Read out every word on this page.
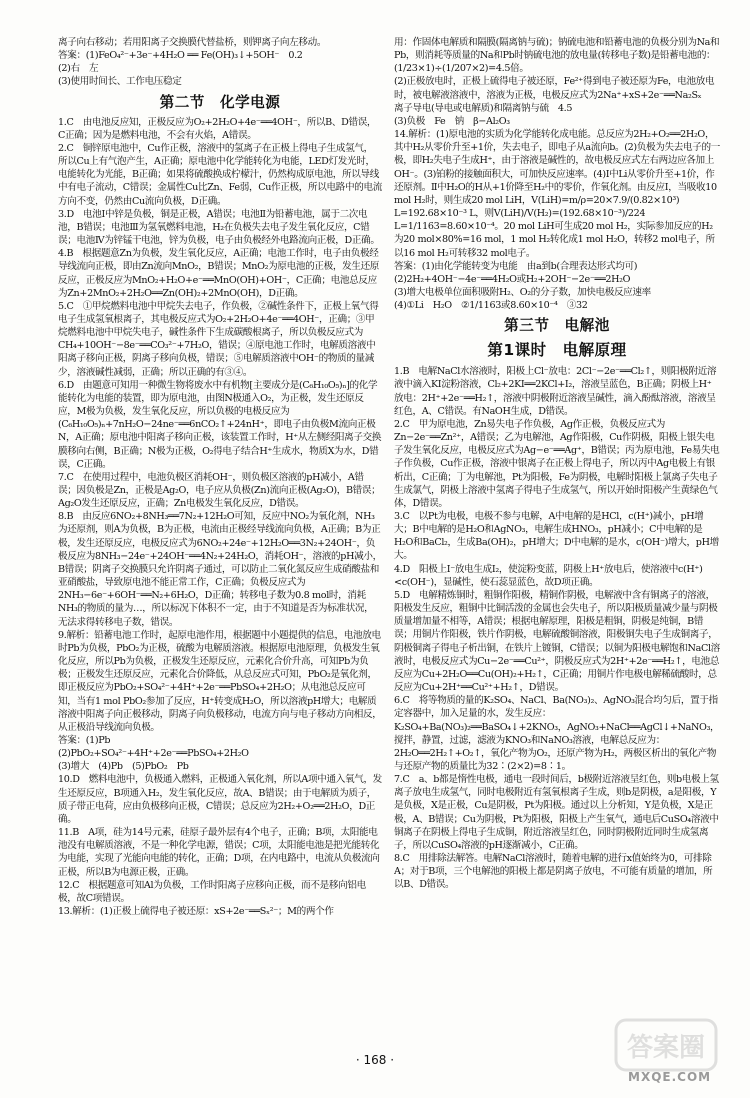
离子向右移动；若用阳离子交换膜代替盐桥，则钾离子向左移动。

答案：(1)FeO₄²⁻+3e⁻+4H₂O ══ Fe(OH)₃↓+5OH⁻　0.2

(2)右　左

(3)使用时间长、工作电压稳定

第二节　化学电源

1.C　由电池反应知，正极反应为O₂+2H₂O+4e⁻══4OH⁻，所以B、D错误，C正确；因为是燃料电池，不会有火焰，A错误。

2.C　铜锌原电池中，Cu作正极，溶液中的氢离子在正极上得电子生成氢气，所以Cu上有气泡产生，A正确；原电池中化学能转化为电能，LED灯发光时，电能转化为光能，B正确；如果将硫酸换成柠檬汁，仍然构成原电池，所以导线中有电子流动，C错误；金属性Cu比Zn、Fe弱，Cu作正极，所以电路中的电流方向不变，仍然由Cu流向负极，D正确。

3.D　电池Ⅰ中锌是负极，铜是正极，A错误；电池Ⅱ为铅蓄电池，属于二次电池，B错误；电池Ⅲ为氢氧燃料电池，H₂在负极失去电子发生氧化反应，C错误；电池Ⅳ为锌锰干电池，锌为负极，电子由负极经外电路流向正极，D正确。

4.B　根据题意Zn为负极，发生氧化反应，A正确；电池工作时，电子由负极经导线流向正极，即由Zn流向MnO₂，B错误；MnO₂为原电池的正极，发生还原反应，正极反应为MnO₂+H₂O+e⁻══MnO(OH)+OH⁻，C正确；电池总反应为Zn+2MnO₂+2H₂O══Zn(OH)₂+2MnO(OH)，D正确。

5.C　①甲烷燃料电池中甲烷失去电子，作负极，②碱性条件下，正极上氧气得电子生成氢氧根离子，其电极反应式为O₂+2H₂O+4e⁻══4OH⁻，正确；③甲烷燃料电池中甲烷失电子，碱性条件下生成碳酸根离子，所以负极反应式为CH₄+10OH⁻−8e⁻══CO₃²⁻+7H₂O，错误；④原电池工作时，电解质溶液中阳离子移向正极，阴离子移向负极，错误；⑤电解质溶液中OH⁻的物质的量减少，溶液碱性减弱，正确；所以正确的有③④。

6.D　由题意可知用一种微生物将废水中有机物[主要成分是(C₆H₁₀O₅)ₙ]的化学能转化为电能的装置，即为原电池，由图N极通入O₂，为正极，发生还原反应，M极为负极，发生氧化反应，所以负极的电极反应为(C₆H₁₀O₅)ₙ+7nH₂O−24ne⁻══6nCO₂↑+24nH⁺，即电子由负极M流向正极N，A正确；原电池中阳离子移向正极，该装置工作时，H⁺从左侧经阳离子交换膜移向右侧，B正确；N极为正极，O₂得电子结合H⁺生成水，物质X为水，D错误，C正确。

7.C　在使用过程中，电池负极区消耗OH⁻，则负极区溶液的pH减小，A错误；因负极是Zn，正极是Ag₂O，电子应从负极(Zn)流向正极(Ag₂O)，B错误；Ag₂O发生还原反应，正确；Zn电极发生氧化反应，D错误。

8.B　由反应6NO₂+8NH₃══7N₂+12H₂O可知，反应中NO₂为氧化剂，NH₃为还原剂，则A为负极，B为正极，电流由正极经导线流向负极，A正确；B为正极，发生还原反应，电极反应式为6NO₂+24e⁻+12H₂O══3N₂+24OH⁻，负极反应为8NH₃−24e⁻+24OH⁻══4N₂+24H₂O，消耗OH⁻，溶液的pH减小，B错误；阴离子交换膜只允许阴离子通过，可以防止二氧化氮反应生成硝酸盐和亚硝酸盐，导致原电池不能正常工作，C正确；负极反应式为2NH₃−6e⁻+6OH⁻══N₂+6H₂O，D正确；转移电子数为0.8 mol时，消耗NH₃的物质的量为…，所以标况下体积不一定，由于不知道是否为标准状况，无法求得转移电子数，错误。

9.解析：铅蓄电池工作时，起原电池作用，根据题中小题提供的信息，电池放电时Pb为负极，PbO₂为正极，硫酸为电解质溶液。根据原电池原理，负极发生氧化反应，所以Pb为负极，正极发生还原反应，元素化合价升高，可知Pb为负极；正极发生还原反应，元素化合价降低，从总反应式可知，PbO₂是氧化剂，即正极反应为PbO₂+SO₄²⁻+4H⁺+2e⁻══PbSO₄+2H₂O；从电池总反应可知，当有1 mol PbO₂参加了反应，H⁺转变成H₂O，所以溶液pH增大；电解质溶液中阳离子向正极移动，阴离子向负极移动，电流方向与电子移动方向相反，从正极沿导线流向负极。

答案：(1)Pb

(2)PbO₂+SO₄²⁻+4H⁺+2e⁻══PbSO₄+2H₂O

(3)增大　(4)Pb　(5)PbO₂　Pb

10.D　燃料电池中，负极通入燃料，正极通入氧化剂，所以A项中通入氧气，发生还原反应，B项通入H₂，发生氧化反应，故A、B错误；由于电解质为质子，质子带正电荷，应由负极移向正极，C错误；总反应为2H₂+O₂══2H₂O，D正确。

11.B　A项，硅为14号元素，硅原子最外层有4个电子，正确；B项，太阳能电池没有电解质溶液，不是一种化学电源，错误；C项，太阳能电池是把光能转化为电能，实现了光能向电能的转化，正确；D项，在内电路中，电流从负极流向正极，所以B为电源正极，正确。

12.C　根据题意可知Al为负极，工作时阳离子应移向正极，而不是移向铝电极，故C项错误。

13.解析：(1)正极上硫得电子被还原：xS+2e⁻══Sₓ²⁻；M的两个作

用：作固体电解质和隔膜(隔离钠与硫)；钠硫电池和铅蓄电池的负极分别为Na和Pb，则消耗等质量的Na和Pb时钠硫电池的放电量(转移电子数)是铅蓄电池的：(1/23×1)÷(1/207×2)=4.5倍。

(2)正极放电时，正极上硫得电子被还原，Fe²⁺得到电子被还原为Fe，电池放电时，被电解液溶液中，溶液为正极，电极反应式为2Na⁺+xS+2e⁻══Na₂Sₓ

离子导电(导电或电解质)和隔离钠与硫　4.5

(3)负极　Fe　钠　β−Al₂O₃

14.解析：(1)原电池的实质为化学能转化成电能。总反应为2H₂+O₂══2H₂O，其中H₂从零价升至+1价，失去电子，即电子从a流向b。(2)负极为失去电子的一极，即H₂失电子生成H⁺，由于溶液是碱性的，故电极反应式左右两边应各加上OH⁻。(3)铂粉的接触面积大，可加快反应速率。(4)Ⅰ中Li从零价升至+1价，作还原剂。Ⅱ中H₂O的H从+1价降至H₂中的零价，作氧化剂。由反应Ⅰ，当吸收10 mol H₂时，则生成20 mol LiH，V(LiH)=m/ρ=20×7.9/(0.82×10³) L=192.68×10⁻³ L，则V(LiH)/V(H₂)=(192.68×10⁻³)/224 L=1/1163=8.60×10⁻⁴。20 mol LiH可生成20 mol H₂，实际参加反应的H₂为20 mol×80%=16 mol，1 mol H₂转化成1 mol H₂O，转移2 mol电子，所以16 mol H₂可转移32 mol电子。

答案：(1)由化学能转变为电能　由a到b(合理表达形式均可)

(2)2H₂+4OH⁻−4e⁻══4H₂O或H₂+2OH⁻−2e⁻══2H₂O

(3)增大电极单位面积吸附H₂、O₂的分子数，加快电极反应速率

(4)①Li　H₂O　②1/1163或8.60×10⁻⁴　③32

第三节　电解池
第1课时　电解原理

1.B　电解NaCl水溶液时，阳极上Cl⁻放电：2Cl⁻−2e⁻══Cl₂↑，则阳极附近溶液中滴入KI淀粉溶液，Cl₂+2KI══2KCl+I₂，溶液呈蓝色，B正确；阴极上H⁺放电：2H⁺+2e⁻══H₂↑，溶液中阴极附近溶液呈碱性，滴入酚酞溶液，溶液呈红色，A、C错误。有NaOH生成，D错误。

2.C　甲为原电池，Zn易失电子作负极，Ag作正极，负极反应式为Zn−2e⁻══Zn²⁺，A错误；乙为电解池，Ag作阳极，Cu作阴极，阳极上银失电子发生氧化反应，电极反应式为Ag−e⁻══Ag⁺，B错误；丙为原电池，Fe易失电子作负极，Cu作正极，溶液中银离子在正极上得电子，所以丙中Ag电极上有银析出，C正确；丁为电解池，Pt为阳极，Fe为阴极，电解时阳极上氯离子失电子生成氯气，阴极上溶液中氢离子得电子生成氢气，所以开始时阳极产生黄绿色气体，D错误。

3.C　以Pt为电极，电极不参与电解，A中电解的是HCl，c(H⁺)减小，pH增大；B中电解的是H₂O和AgNO₃，电解生成HNO₃，pH减小；C中电解的是H₂O和BaCl₂，生成Ba(OH)₂，pH增大；D中电解的是水，c(OH⁻)增大，pH增大。

4.D　阳极上I⁻放电生成I₂，使淀粉变蓝，阴极上H⁺放电后，使溶液中c(H⁺)<c(OH⁻)，显碱性，使石蕊显蓝色，故D项正确。

5.D　电解精炼铜时，粗铜作阳极，精铜作阴极，电解液中含有铜离子的溶液，阳极发生反应，粗铜中比铜活泼的金属也会失电子，所以阳极质量减少量与阴极质量增加量不相等，A错误；根据电解原理，阳极是粗铜，阴极是纯铜，B错误；用铜片作阳极，铁片作阴极，电解硫酸铜溶液，阳极铜失电子生成铜离子，阴极铜离子得电子析出铜，在铁片上镀铜，C错误；以铜为阳极电解饱和NaCl溶液时，电极反应式为Cu−2e⁻══Cu²⁺，阴极反应式为2H⁺+2e⁻══H₂↑，电池总反应为Cu+2H₂O══Cu(OH)₂+H₂↑，C正确；用铜片作电极电解稀硫酸时，总反应为Cu+2H⁺══Cu²⁺+H₂↑，D错误。

6.C　将等物质的量的K₂SO₄、NaCl、Ba(NO₃)₂、AgNO₃混合均匀后，置于指定容器中，加入足量的水，发生反应：K₂SO₄+Ba(NO₃)₂══BaSO₄↓+2KNO₃，AgNO₃+NaCl══AgCl↓+NaNO₃，搅拌，静置，过滤，滤液为KNO₃和NaNO₃溶液，电解总反应为：2H₂O══2H₂↑+O₂↑，氧化产物为O₂，还原产物为H₂，两极区析出的氧化产物与还原产物的质量比为32∶(2×2)=8∶1。

7.C　a、b都是惰性电极，通电一段时间后，b极附近溶液呈红色，则b电极上氢离子放电生成氢气，同时电极附近有氢氧根离子生成，则b是阴极，a是阳极，Y是负极，X是正极，Cu是阴极，Pt为阳极。通过以上分析知，Y是负极，X是正极，A、B错误；Cu为阴极，Pt为阳极，阳极上产生氧气，通电后CuSO₄溶液中铜离子在阴极上得电子生成铜，附近溶液呈红色，同时阴极附近同时生成氢离子，所以CuSO₄溶液的pH逐渐减小，C正确。

8.C　用排除法解答。电解NaCl溶液时，随着电解的进行x值始终为0，可排除A；对于B项，三个电解池的阳极上都是阴离子放电，不可能有质量的增加，所以B、D错误。

· 168 ·	答案圈
MXQE.COM
